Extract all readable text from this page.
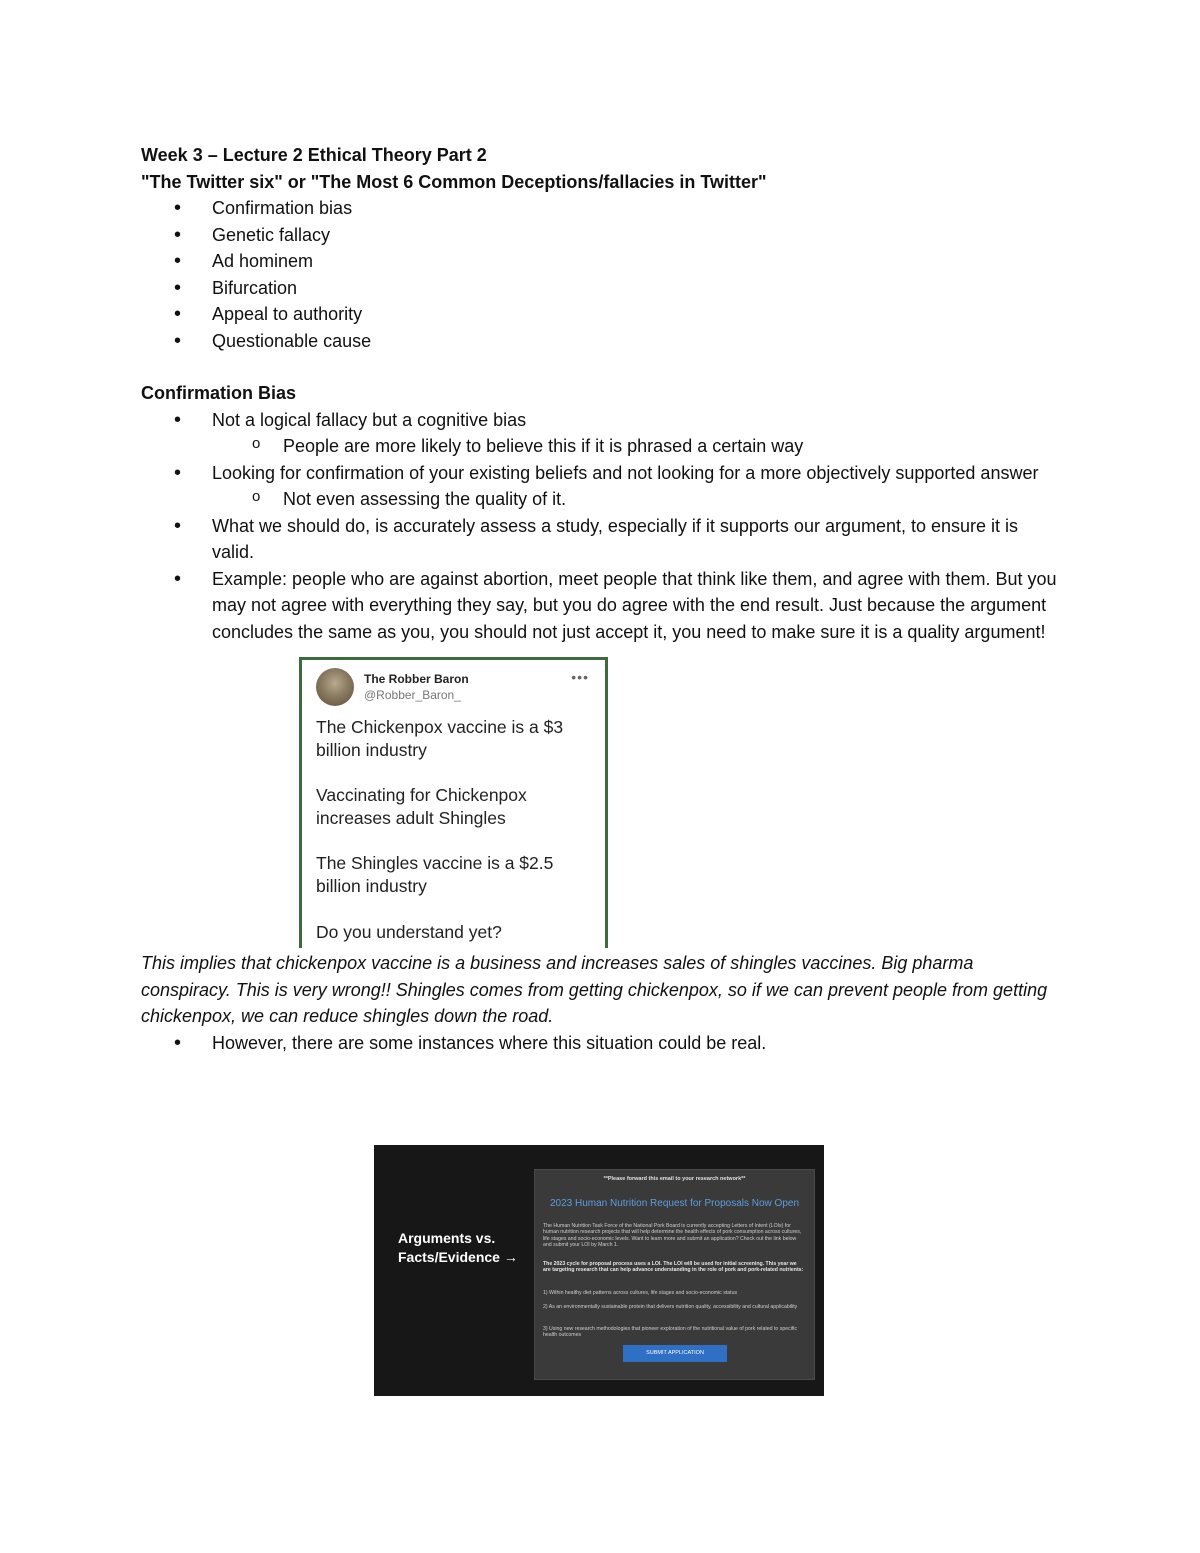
Week 3 – Lecture 2 Ethical Theory Part 2

"The Twitter six" or "The Most 6 Common Deceptions/fallacies in Twitter"

• Confirmation bias
• Genetic fallacy
• Ad hominem
• Bifurcation
• Appeal to authority
• Questionable cause

Confirmation Bias

• Not a logical fallacy but a cognitive bias
o People are more likely to believe this if it is phrased a certain way
• Looking for confirmation of your existing beliefs and not looking for a more objectively supported answer
o Not even assessing the quality of it.
• What we should do, is accurately assess a study, especially if it supports our argument, to ensure it is valid.
• Example: people who are against abortion, meet people that think like them, and agree with them. But you may not agree with everything they say, but you do agree with the end result. Just because the argument concludes the same as you, you should not just accept it, you need to make sure it is a quality argument!
The Robber Baron
@Robber_Baron_
•••
The Chickenpox vaccine is a $3 billion industry
Vaccinating for Chickenpox increases adult Shingles
The Shingles vaccine is a $2.5 billion industry
Do you understand yet?

This implies that chickenpox vaccine is a business and increases sales of shingles vaccines. Big pharma conspiracy. This is very wrong!! Shingles comes from getting chickenpox, so if we can prevent people from getting chickenpox, we can reduce shingles down the road.

• However, there are some instances where this situation could be real.
Arguments vs.
Facts/Evidence →
**Please forward this email to your research network**
2023 Human Nutrition Request for Proposals Now Open
The Human Nutrition Task Force of the National Pork Board is currently accepting Letters of Intent (LOIs) for human nutrition research projects that will help determine the health effects of pork consumption across cultures, life stages and socio-economic levels. Want to learn more and submit an application? Check out the link below and submit your LOI by March 1.
The 2023 cycle for proposal process uses a LOI. The LOI will be used for initial screening. This year we are targeting research that can help advance understanding in the role of pork and pork-related nutrients:
1) Within healthy diet patterns across cultures, life stages and socio-economic status
2) As an environmentally sustainable protein that delivers nutrition quality, accessibility and cultural applicability
3) Using new research methodologies that pioneer exploration of the nutritional value of pork related to specific health outcomes
SUBMIT APPLICATION
